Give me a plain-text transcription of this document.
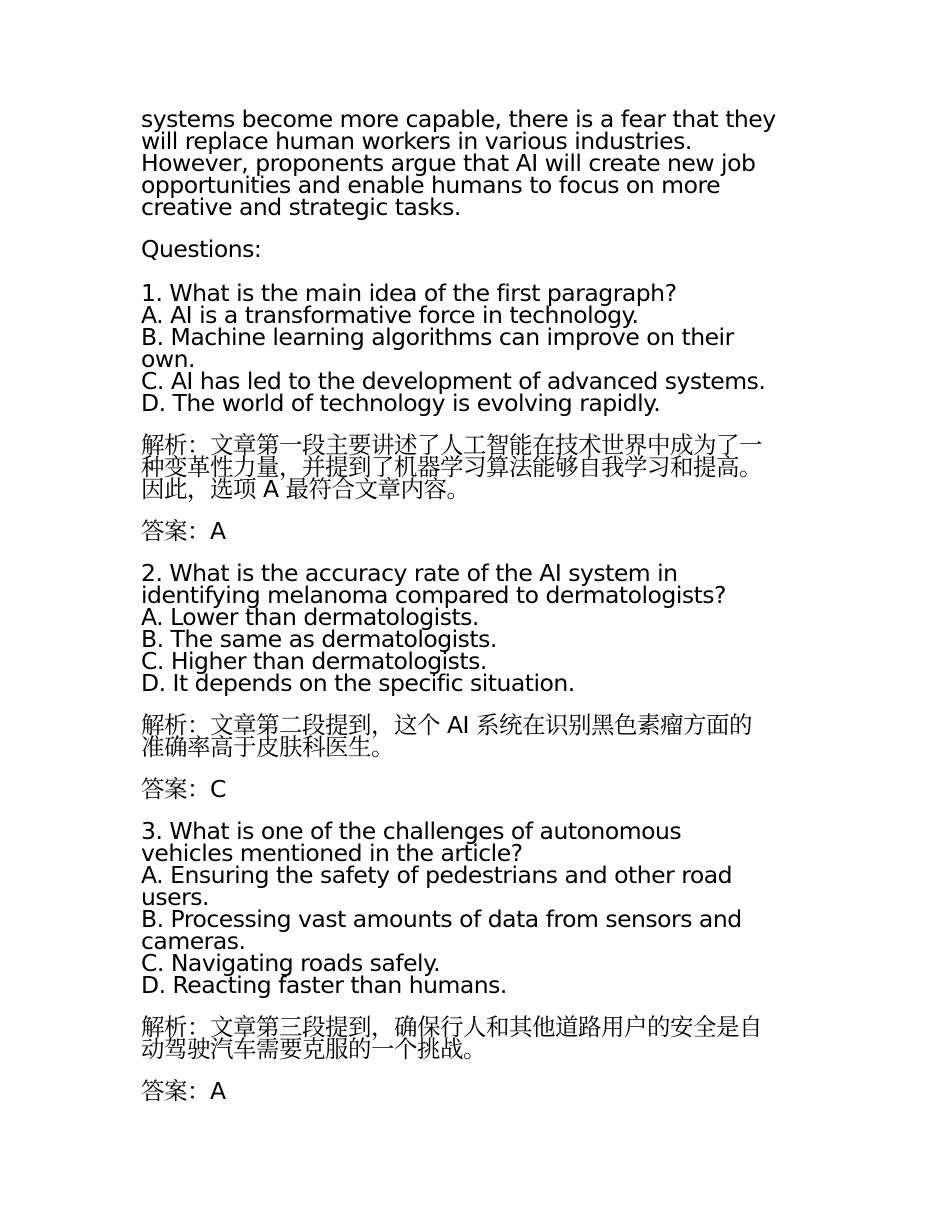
systems become more capable, there is a fear that they
will replace human workers in various industries.
However, proponents argue that AI will create new job
opportunities and enable humans to focus on more
creative and strategic tasks.
Questions:
1. What is the main idea of the first paragraph?
A. AI is a transformative force in technology.
B. Machine learning algorithms can improve on their
own.
C. AI has led to the development of advanced systems.
D. The world of technology is evolving rapidly.
解析：文章第一段主要讲述了人工智能在技术世界中成为了一
种变革性力量，并提到了机器学习算法能够自我学习和提高。
因此，选项 A 最符合文章内容。
答案：A
2. What is the accuracy rate of the AI system in
identifying melanoma compared to dermatologists?
A. Lower than dermatologists.
B. The same as dermatologists.
C. Higher than dermatologists.
D. It depends on the specific situation.
解析：文章第二段提到，这个 AI 系统在识别黑色素瘤方面的
准确率高于皮肤科医生。
答案：C
3. What is one of the challenges of autonomous
vehicles mentioned in the article?
A. Ensuring the safety of pedestrians and other road
users.
B. Processing vast amounts of data from sensors and
cameras.
C. Navigating roads safely.
D. Reacting faster than humans.
解析：文章第三段提到，确保行人和其他道路用户的安全是自
动驾驶汽车需要克服的一个挑战。
答案：A
